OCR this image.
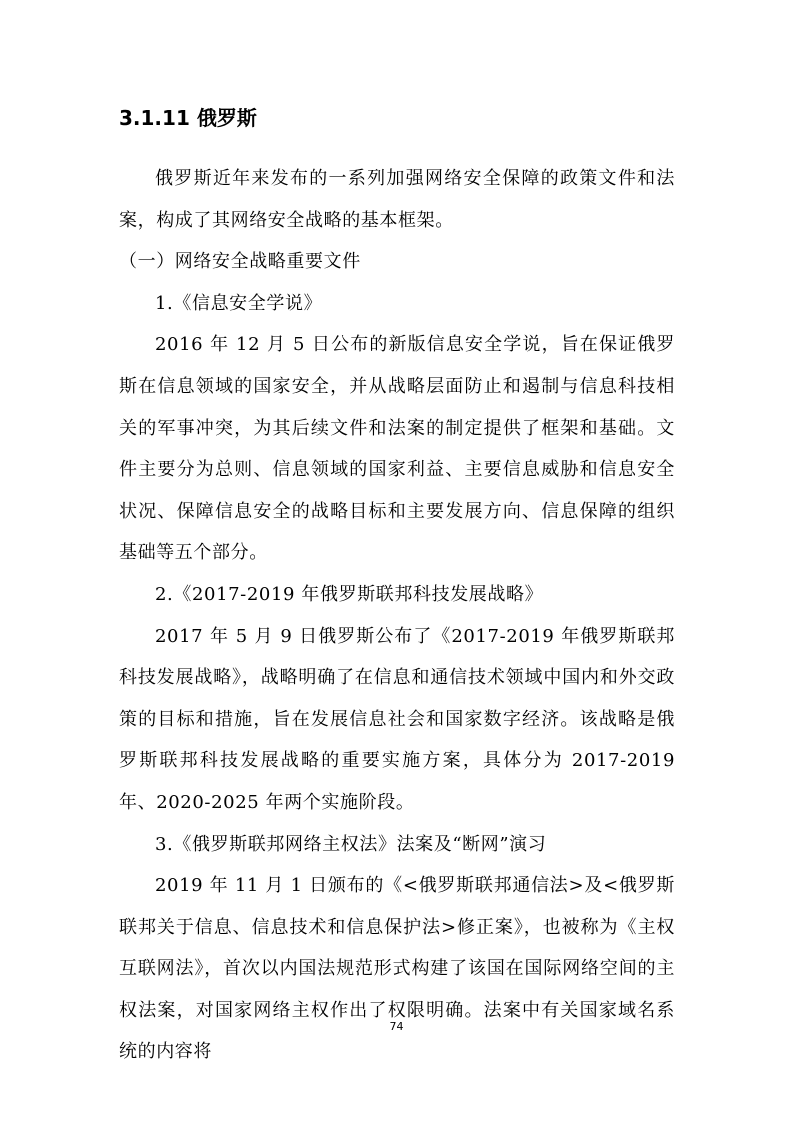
3.1.11 俄罗斯

俄罗斯近年来发布的一系列加强网络安全保障的政策文件和法案，构成了其网络安全战略的基本框架。

（一）网络安全战略重要文件

1.《信息安全学说》

2016 年 12 月 5 日公布的新版信息安全学说，旨在保证俄罗斯在信息领域的国家安全，并从战略层面防止和遏制与信息科技相关的军事冲突，为其后续文件和法案的制定提供了框架和基础。文件主要分为总则、信息领域的国家利益、主要信息威胁和信息安全状况、保障信息安全的战略目标和主要发展方向、信息保障的组织基础等五个部分。

2.《2017-2019 年俄罗斯联邦科技发展战略》

2017 年 5 月 9 日俄罗斯公布了《2017-2019 年俄罗斯联邦科技发展战略》，战略明确了在信息和通信技术领域中国内和外交政策的目标和措施，旨在发展信息社会和国家数字经济。该战略是俄罗斯联邦科技发展战略的重要实施方案，具体分为 2017-2019 年、2020-2025 年两个实施阶段。

3.《俄罗斯联邦网络主权法》法案及“断网”演习

2019 年 11 月 1 日颁布的《<俄罗斯联邦通信法>及<俄罗斯联邦关于信息、信息技术和信息保护法>修正案》，也被称为《主权互联网法》，首次以内国法规范形式构建了该国在国际网络空间的主权法案，对国家网络主权作出了权限明确。法案中有关国家域名系统的内容将

74
